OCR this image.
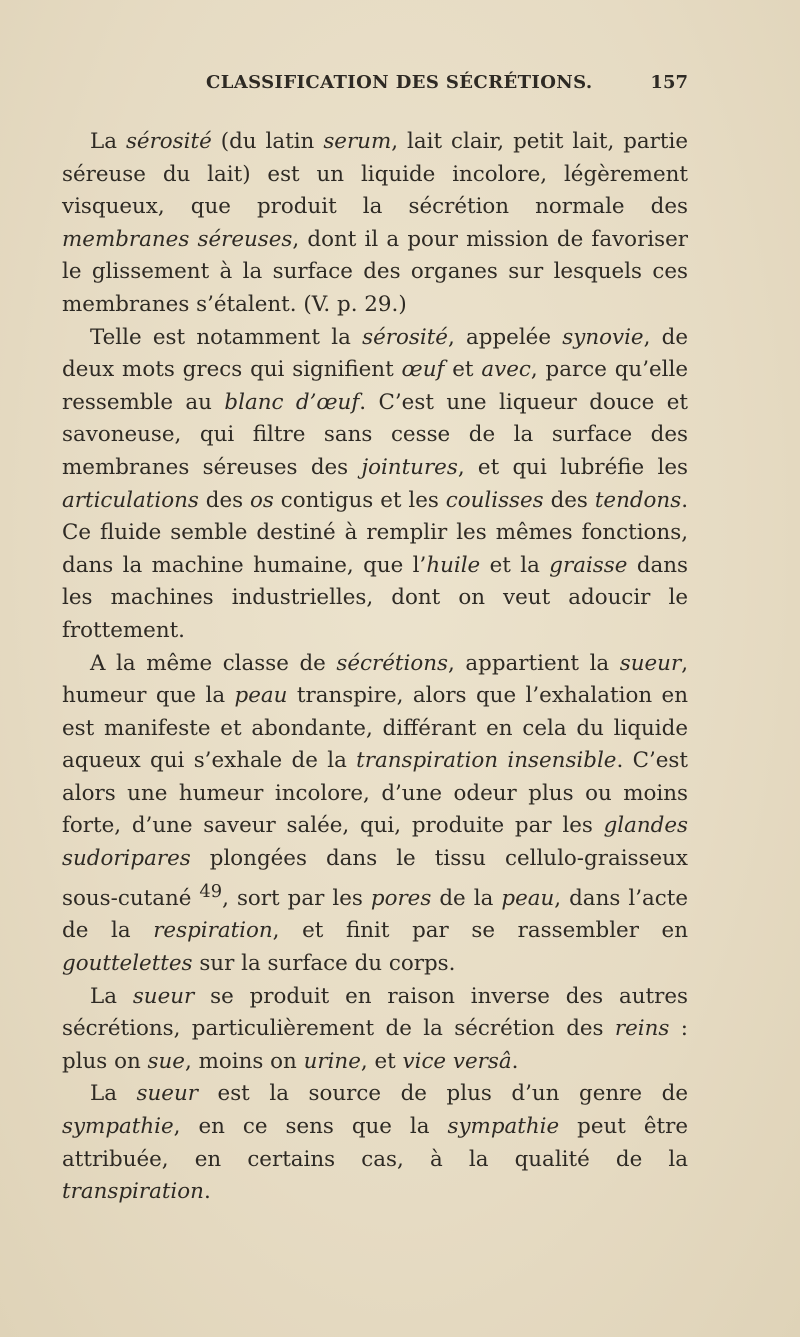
CLASSIFICATION DES SÉCRÉTIONS.	157

La sérosité (du latin serum, lait clair, petit lait, partie séreuse du lait) est un liquide incolore, légèrement visqueux, que produit la sécrétion normale des membranes séreuses, dont il a pour mission de favoriser le glissement à la surface des organes sur lesquels ces membranes s’étalent. (V. p. 29.)

Telle est notamment la sérosité, appelée synovie, de deux mots grecs qui signifient œuf et avec, parce qu’elle ressemble au blanc d’œuf. C’est une liqueur douce et savoneuse, qui filtre sans cesse de la surface des membranes séreuses des jointures, et qui lubréfie les articulations des os contigus et les coulisses des tendons. Ce fluide semble destiné à remplir les mêmes fonctions, dans la machine humaine, que l’huile et la graisse dans les machines industrielles, dont on veut adoucir le frottement.

A la même classe de sécrétions, appartient la sueur, humeur que la peau transpire, alors que l’exhalation en est manifeste et abondante, différant en cela du liquide aqueux qui s’exhale de la transpiration insensible. C’est alors une humeur incolore, d’une odeur plus ou moins forte, d’une saveur salée, qui, produite par les glandes sudoripares plongées dans le tissu cellulo-graisseux sous-cutané $^{49}$, sort par les pores de la peau, dans l’acte de la respiration, et finit par se rassembler en gouttelettes sur la surface du corps.

La sueur se produit en raison inverse des autres sécrétions, particulièrement de la sécrétion des reins : plus on sue, moins on urine, et vice versâ.

La sueur est la source de plus d’un genre de sympathie, en ce sens que la sympathie peut être attribuée, en certains cas, à la qualité de la transpiration.
